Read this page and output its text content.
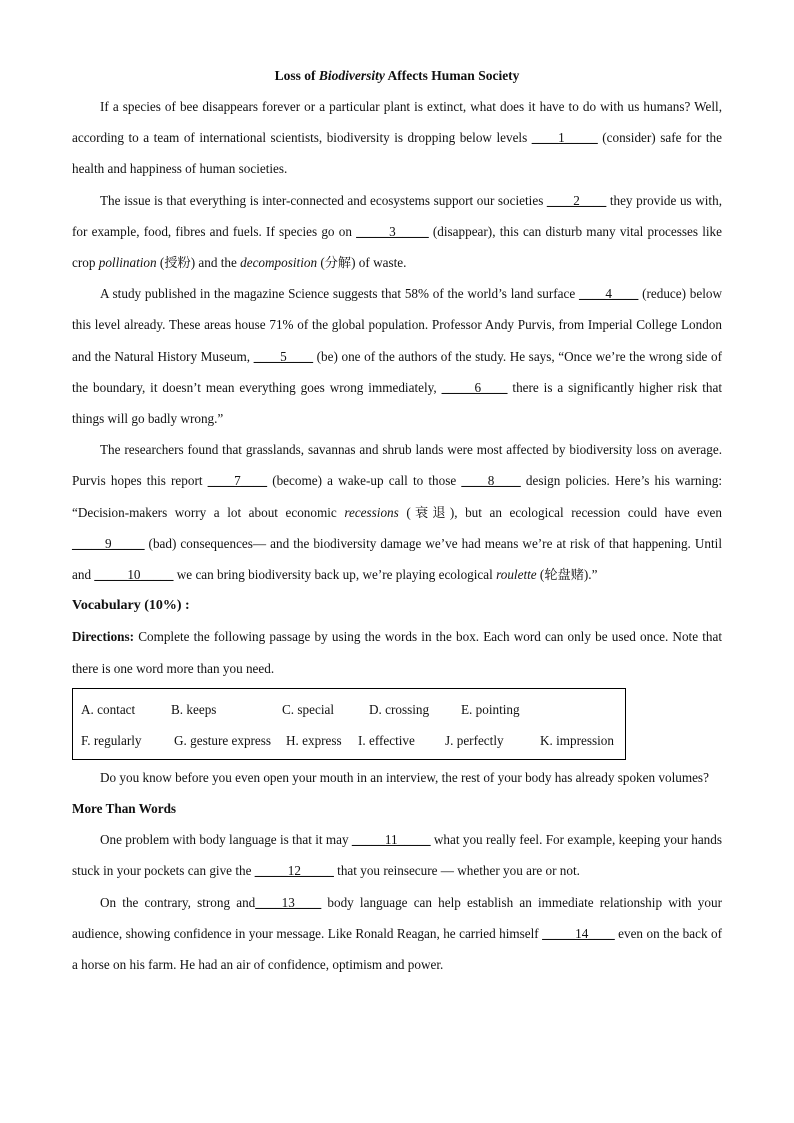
Loss of Biodiversity Affects Human Society

If a species of bee disappears forever or a particular plant is extinct, what does it have to do with us humans? Well, according to a team of international scientists, biodiversity is dropping below levels ____1_____ (consider) safe for the health and happiness of human societies.

The issue is that everything is inter-connected and ecosystems support our societies ____2____ they provide us with, for example, food, fibres and fuels. If species go on _____3_____ (disappear), this can disturb many vital processes like crop pollination (授粉) and the decomposition (分解) of waste.

A study published in the magazine Science suggests that 58% of the world’s land surface ____4____ (reduce) below this level already. These areas house 71% of the global population. Professor Andy Purvis, from Imperial College London and the Natural History Museum, ____5____ (be) one of the authors of the study. He says, “Once we’re the wrong side of the boundary, it doesn’t mean everything goes wrong immediately, _____6____ there is a significantly higher risk that things will go badly wrong.”

The researchers found that grasslands, savannas and shrub lands were most affected by biodiversity loss on average. Purvis hopes this report ____7____ (become) a wake-up call to those ____8____ design policies. Here’s his warning: “Decision-makers worry a lot about economic recessions (衰退), but an ecological recession could have even _____9_____ (bad) consequences— and the biodiversity damage we’ve had means we’re at risk of that happening. Until and _____10_____ we can bring biodiversity back up, we’re playing ecological roulette (轮盘赌).”

Vocabulary (10%) :

Directions: Complete the following passage by using the words in the box. Each word can only be used once. Note that there is one word more than you need.

A. contact	B. keeps	C. special	D. crossing E. pointing
F. regularly G. gesture express H. express I. effective J. perfectly	K. impression

Do you know before you even open your mouth in an interview, the rest of your body has already spoken volumes?

More Than Words

One problem with body language is that it may _____11_____ what you really feel. For example, keeping your hands stuck in your pockets can give the _____12_____ that you reinsecure — whether you are or not.

On the contrary, strong and____13____ body language can help establish an immediate relationship with your audience, showing confidence in your message. Like Ronald Reagan, he carried himself _____14____ even on the back of a horse on his farm. He had an air of confidence, optimism and power.
